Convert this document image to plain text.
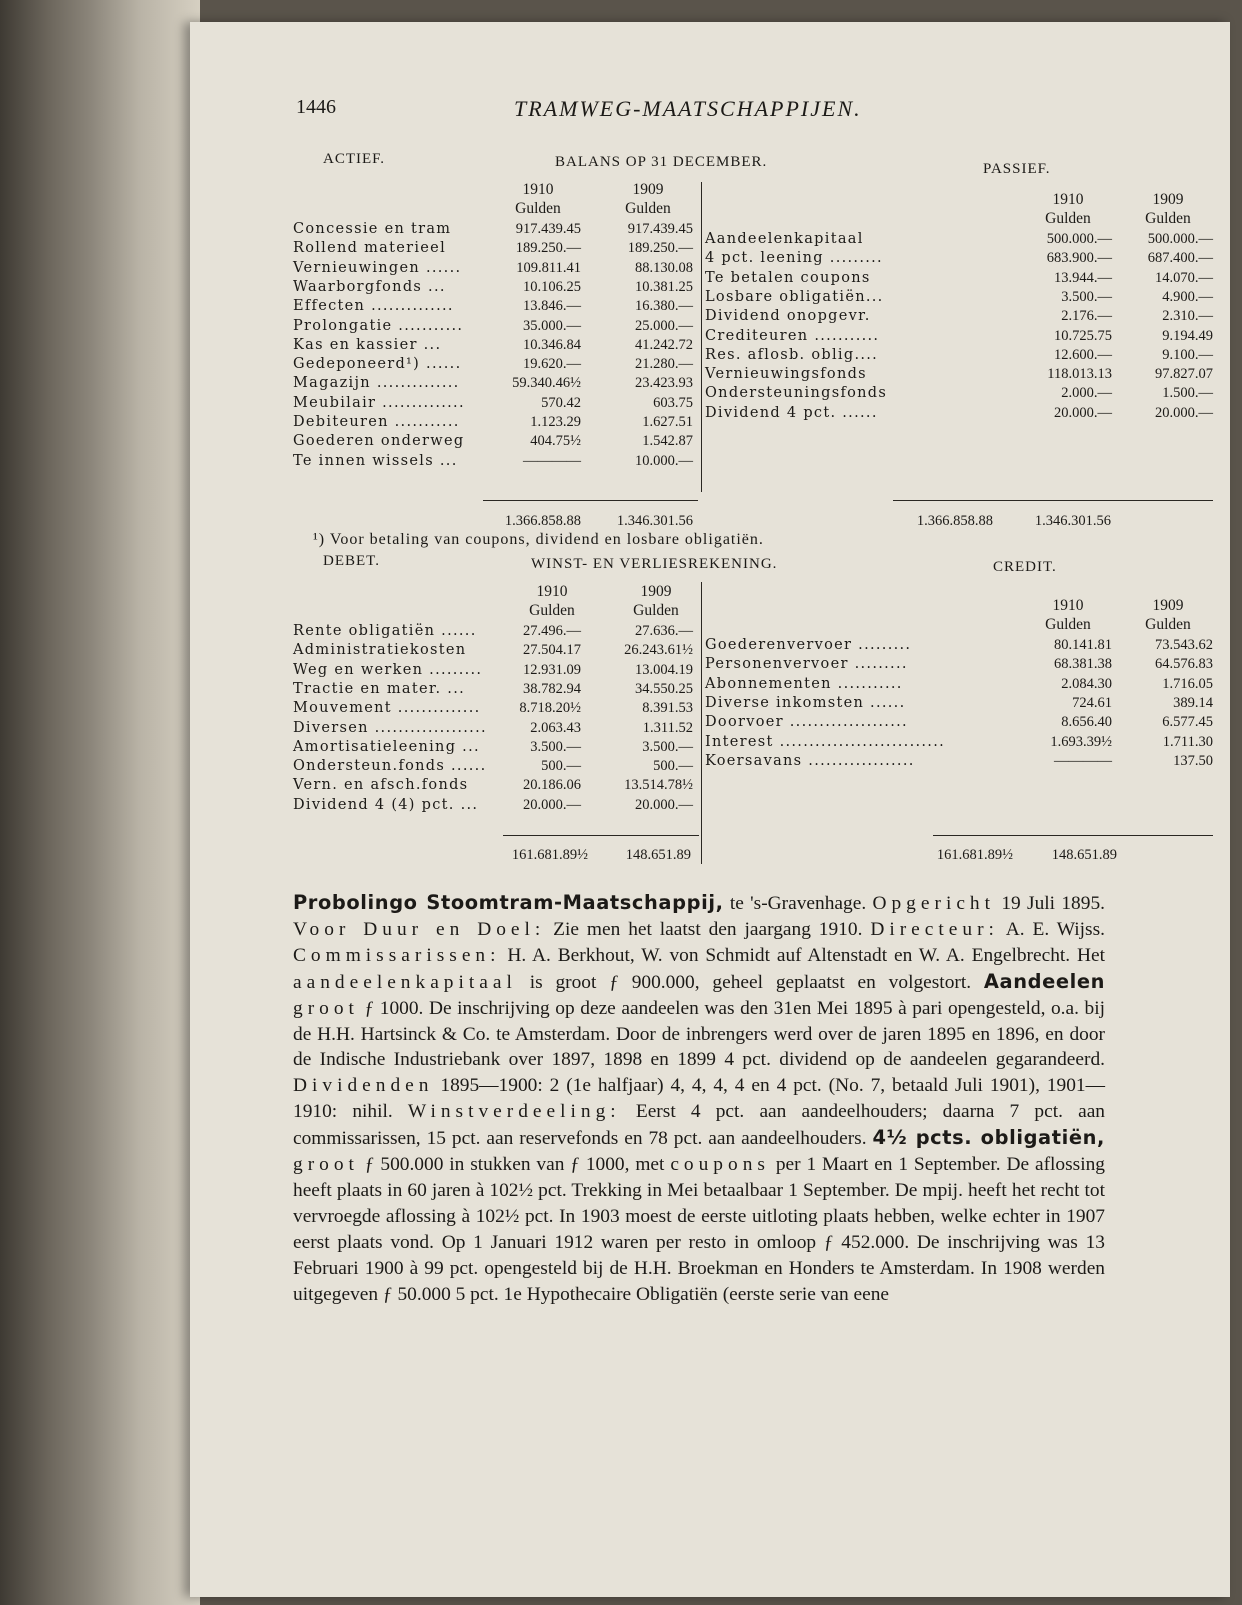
1446	TRAMWEG-MAATSCHAPPIJEN.
ACTIEF.	BALANS OP 31 DECEMBER.	PASSIEF.
1910	1909
Gulden	Gulden
Concessie en tram	917.439.45	917.439.45
Rollend materieel	189.250.—	189.250.—
Vernieuwingen ......	109.811.41	88.130.08
Waarborgfonds ...	10.106.25	10.381.25
Effecten ..............	13.846.—	16.380.—
Prolongatie ...........	35.000.—	25.000.—
Kas en kassier ...	10.346.84	41.242.72
Gedeponeerd¹) ......	19.620.—	21.280.—
Magazijn ..............	59.340.46½	23.423.93
Meubilair ..............	570.42	603.75
Debiteuren ...........	1.123.29	1.627.51
Goederen onderweg	404.75½	1.542.87
Te innen wissels ...	————	10.000.—
1910	1909
Gulden	Gulden
Aandeelenkapitaal	500.000.—	500.000.—
4 pct. leening .........	683.900.—	687.400.—
Te betalen coupons	13.944.—	14.070.—
Losbare obligatiën...	3.500.—	4.900.—
Dividend onopgevr.	2.176.—	2.310.—
Crediteuren ...........	10.725.75	9.194.49
Res. aflosb. oblig....	12.600.—	9.100.—
Vernieuwingsfonds	118.013.13	97.827.07
Ondersteuningsfonds	2.000.—	1.500.—
Dividend 4 pct. ......	20.000.—	20.000.—
1.366.858.88	1.346.301.56	1.366.858.88	1.346.301.56
¹) Voor betaling van coupons, dividend en losbare obligatiën.
DEBET.	WINST- EN VERLIESREKENING.	CREDIT.
1910	1909
Gulden	Gulden
Rente obligatiën ......	27.496.—	27.636.—
Administratiekosten	27.504.17	26.243.61½
Weg en werken .........	12.931.09	13.004.19
Tractie en mater. ...	38.782.94	34.550.25
Mouvement ..............	8.718.20½	8.391.53
Diversen ...................	2.063.43	1.311.52
Amortisatieleening ...	3.500.—	3.500.—
Ondersteun.fonds ......	500.—	500.—
Vern. en afsch.fonds	20.186.06	13.514.78½
Dividend 4 (4) pct. ...	20.000.—	20.000.—
1910	1909
Gulden	Gulden
Goederenvervoer .........	80.141.81	73.543.62
Personenvervoer .........	68.381.38	64.576.83
Abonnementen ...........	2.084.30	1.716.05
Diverse inkomsten ......	724.61	389.14
Doorvoer ....................	8.656.40	6.577.45
Interest ............................	1.693.39½	1.711.30
Koersavans ..................	————	137.50
161.681.89½	148.651.89	161.681.89½	148.651.89

Probolingo Stoomtram-Maatschappij, te 's-Gravenhage. Opgericht 19 Juli 1895. Voor Duur en Doel: Zie men het laatst den jaargang 1910. Directeur: A. E. Wijss. Commissarissen: H. A. Berkhout, W. von Schmidt auf Altenstadt en W. A. Engelbrecht. Het aandeelenkapitaal is groot ƒ 900.000, geheel geplaatst en volgestort. Aandeelen groot ƒ 1000. De inschrijving op deze aandeelen was den 31en Mei 1895 à pari opengesteld, o.a. bij de H.H. Hartsinck & Co. te Amsterdam. Door de inbrengers werd over de jaren 1895 en 1896, en door de Indische Industriebank over 1897, 1898 en 1899 4 pct. dividend op de aandeelen gegarandeerd. Dividenden 1895—1900: 2 (1e halfjaar) 4, 4, 4, 4 en 4 pct. (No. 7, betaald Juli 1901), 1901—1910: nihil. Winstverdeeling: Eerst 4 pct. aan aandeelhouders; daarna 7 pct. aan commissarissen, 15 pct. aan reservefonds en 78 pct. aan aandeelhouders. 4½ pcts. obligatiën, groot ƒ 500.000 in stukken van ƒ 1000, met coupons per 1 Maart en 1 September. De aflossing heeft plaats in 60 jaren à 102½ pct. Trekking in Mei betaalbaar 1 September. De mpij. heeft het recht tot vervroegde aflossing à 102½ pct. In 1903 moest de eerste uitloting plaats hebben, welke echter in 1907 eerst plaats vond. Op 1 Januari 1912 waren per resto in omloop ƒ 452.000. De inschrijving was 13 Februari 1900 à 99 pct. opengesteld bij de H.H. Broekman en Honders te Amsterdam. In 1908 werden uitgegeven ƒ 50.000 5 pct. 1e Hypothecaire Obligatiën (eerste serie van eene
